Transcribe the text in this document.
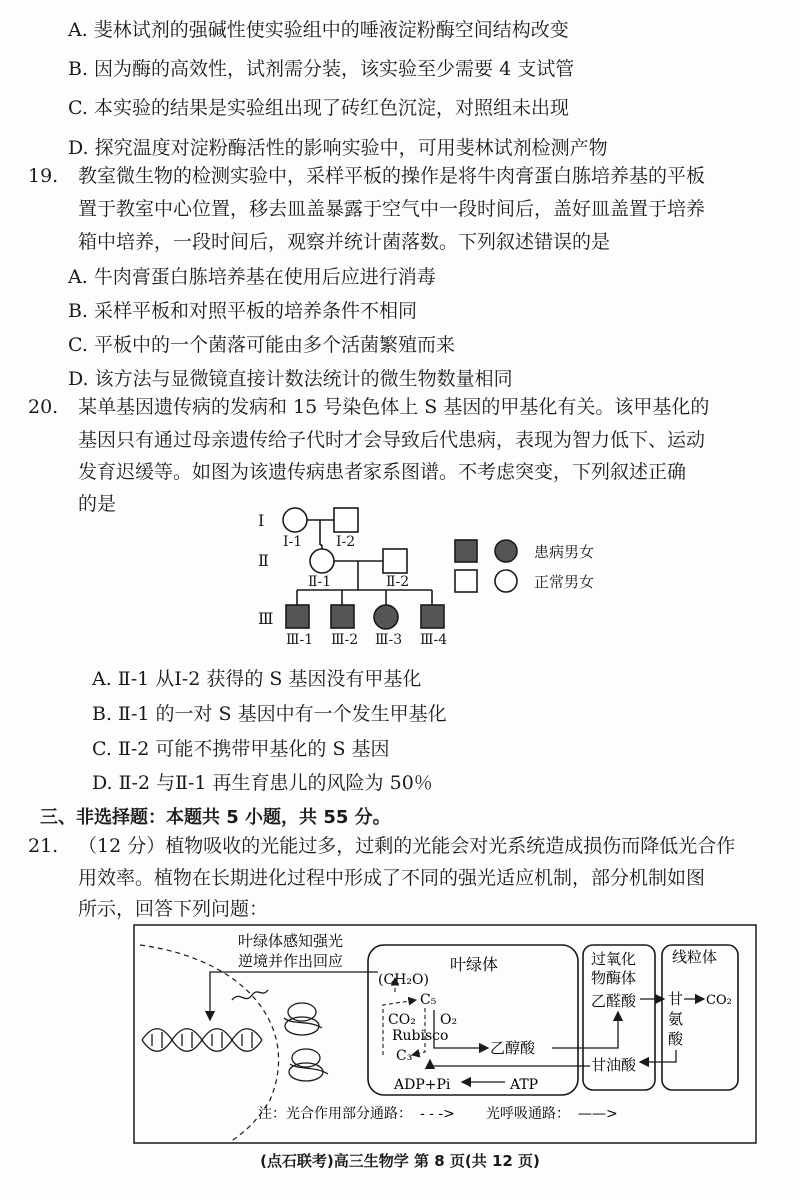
A. 斐林试剂的强碱性使实验组中的唾液淀粉酶空间结构改变
B. 因为酶的高效性，试剂需分装，该实验至少需要 4 支试管
C. 本实验的结果是实验组出现了砖红色沉淀，对照组未出现
D. 探究温度对淀粉酶活性的影响实验中，可用斐林试剂检测产物
19. 教室微生物的检测实验中，采样平板的操作是将牛肉膏蛋白胨培养基的平板
置于教室中心位置，移去皿盖暴露于空气中一段时间后，盖好皿盖置于培养
箱中培养，一段时间后，观察并统计菌落数。下列叙述错误的是
A. 牛肉膏蛋白胨培养基在使用后应进行消毒
B. 采样平板和对照平板的培养条件不相同
C. 平板中的一个菌落可能由多个活菌繁殖而来
D. 该方法与显微镜直接计数法统计的微生物数量相同
20. 某单基因遗传病的发病和 15 号染色体上 S 基因的甲基化有关。该甲基化的
基因只有通过母亲遗传给子代时才会导致后代患病，表现为智力低下、运动
发育迟缓等。如图为该遗传病患者家系图谱。不考虑突变，下列叙述正确
的是
Ⅰ
Ⅱ
Ⅲ
Ⅰ-1 Ⅰ-2
Ⅱ-1	Ⅱ-2
Ⅲ-1 Ⅲ-2 Ⅲ-3 Ⅲ-4
患病男女
正常男女
A. Ⅱ-1 从Ⅰ-2 获得的 S 基因没有甲基化
B. Ⅱ-1 的一对 S 基因中有一个发生甲基化
C. Ⅱ-2 可能不携带甲基化的 S 基因
D. Ⅱ-2 与Ⅱ-1 再生育患儿的风险为 50％
三、非选择题：本题共 5 小题，共 55 分。
21. （12 分）植物吸收的光能过多，过剩的光能会对光系统造成损伤而降低光合作
用效率。植物在长期进化过程中形成了不同的强光适应机制，部分机制如图
所示，回答下列问题：
叶绿体感知强光
逆境并作出回应	叶绿体
(CH₂O)
C₅
CO₂ O₂
Rubisco
C₃	乙醇酸
ADP+Pi	ATP
过氧化
物酶体
乙醛酸
甘油酸
线粒体
甘
氨
酸
CO₂
注：光合作用部分通路： - - -> 光呼吸通路： ——>
(点石联考)高三生物学 第 8 页(共 12 页)
